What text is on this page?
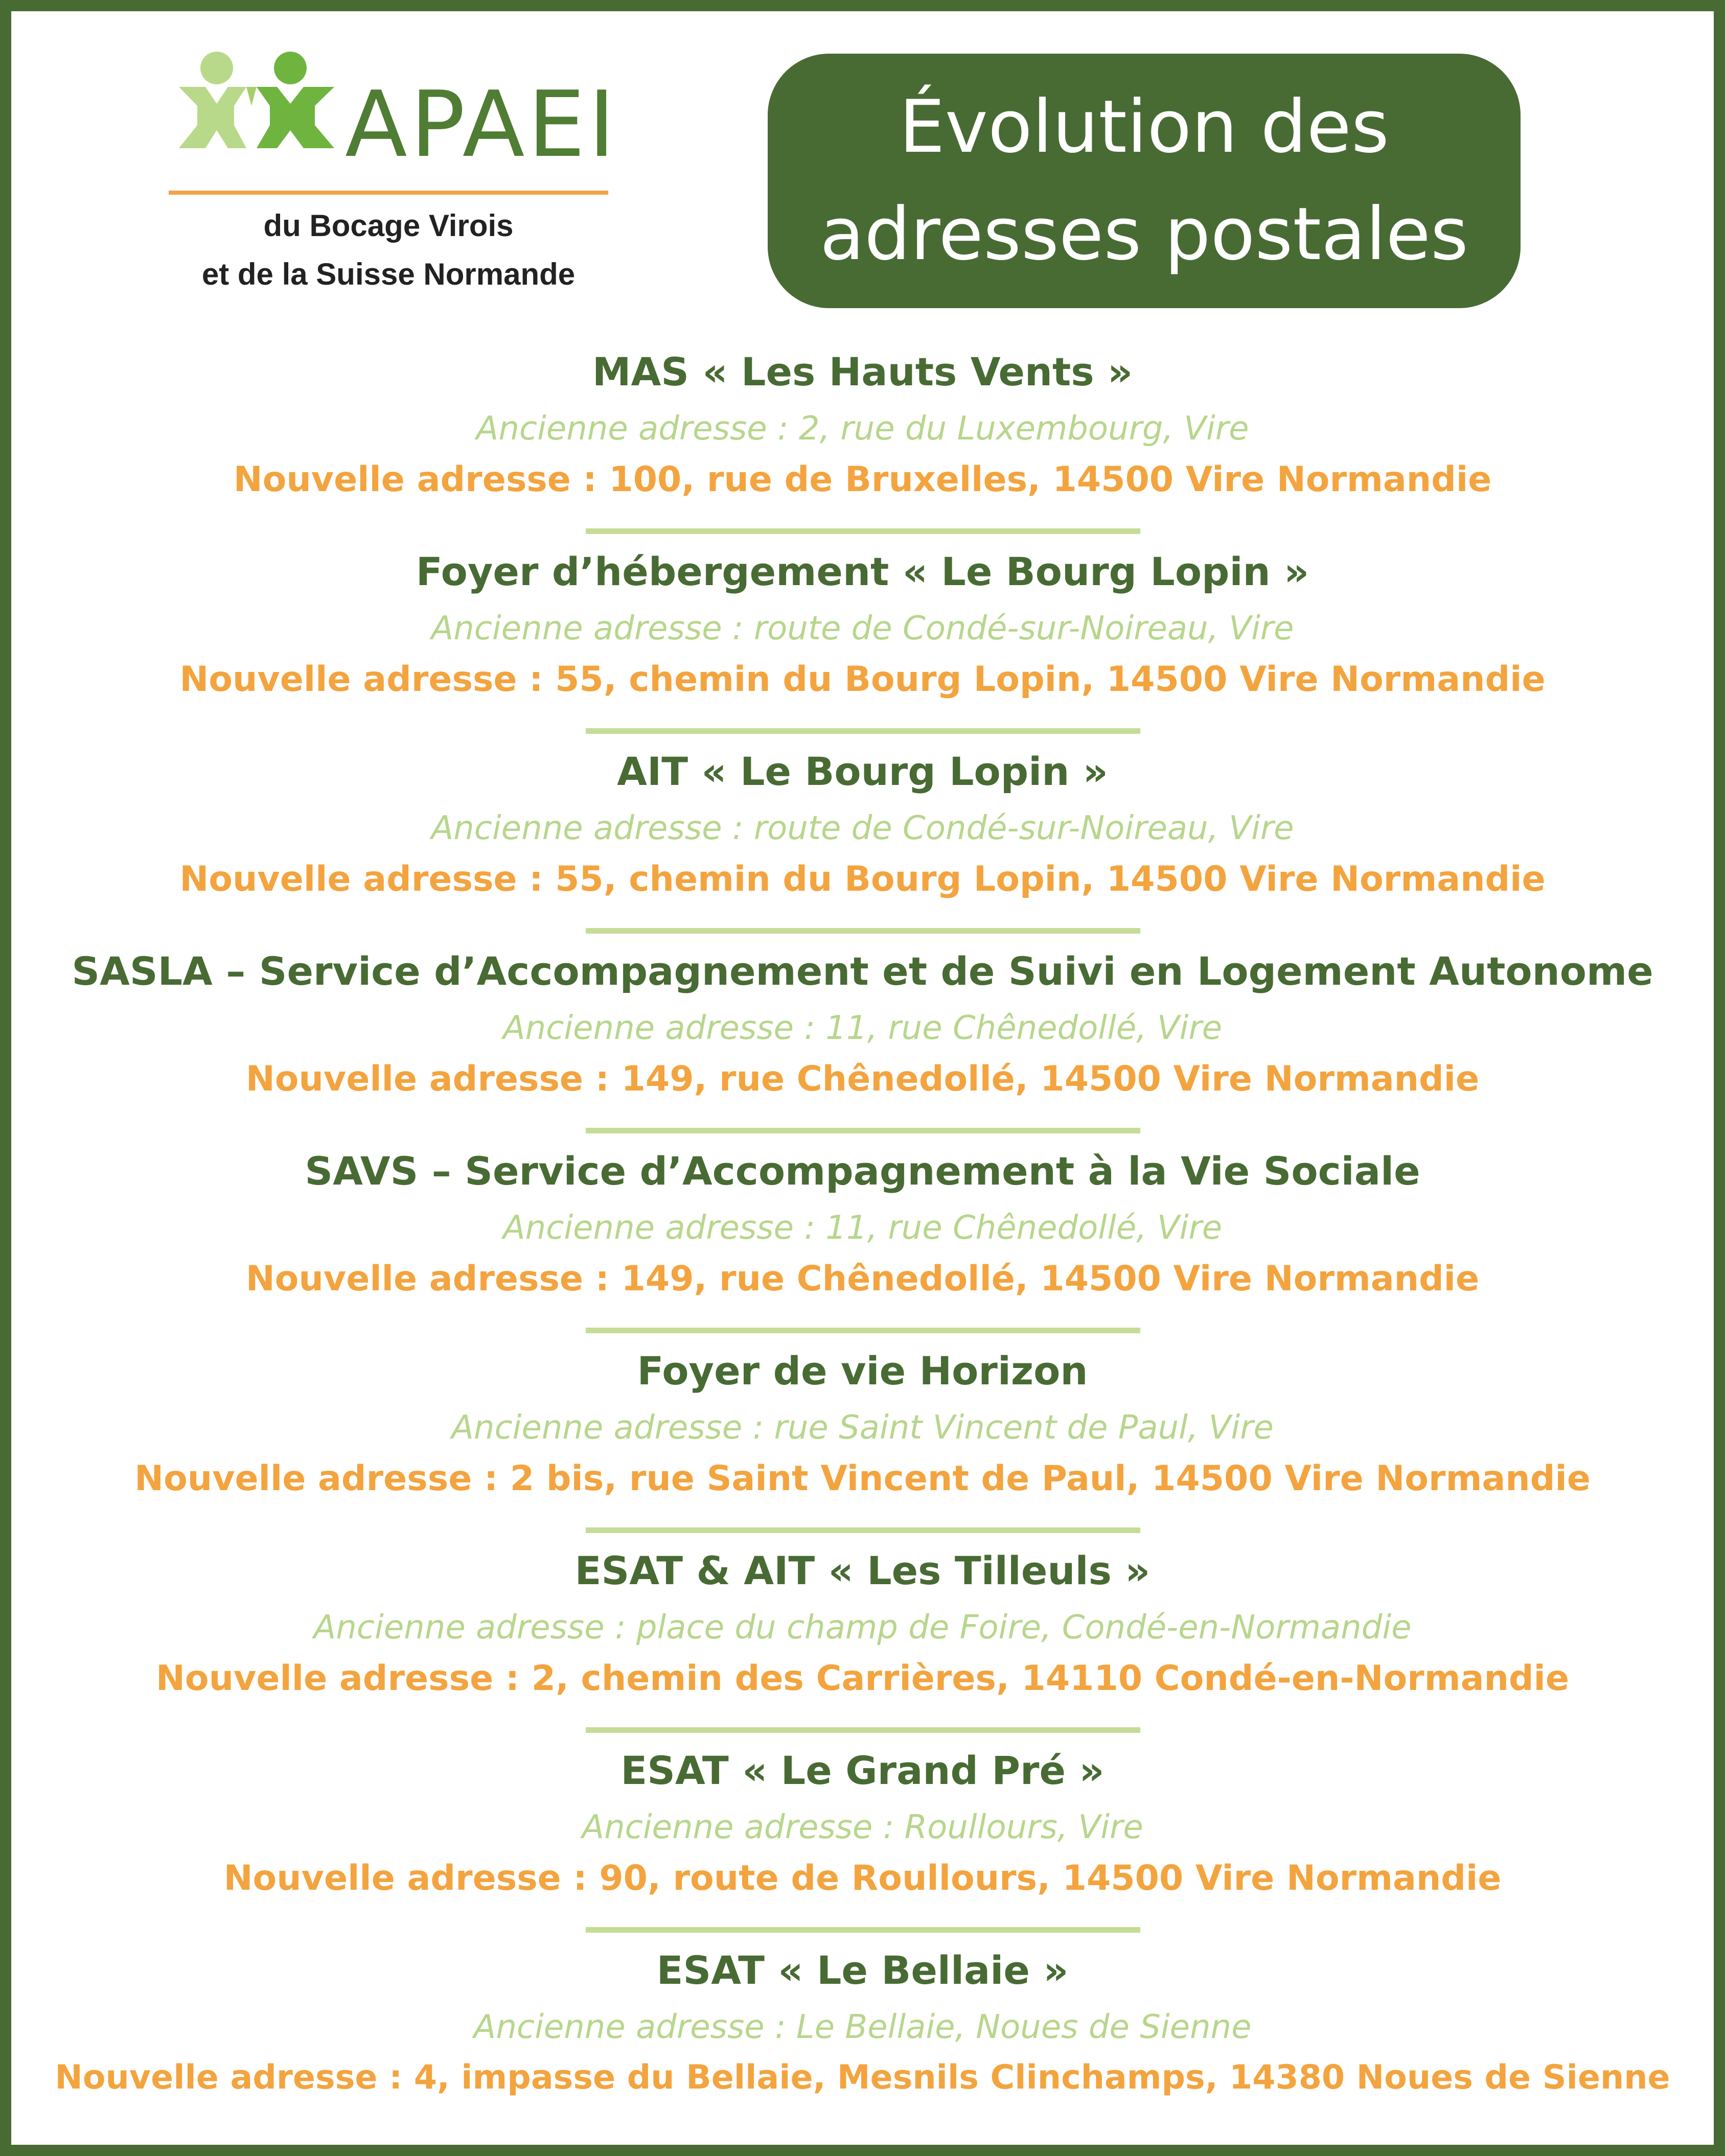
APAEI
du Bocage Virois
et de la Suisse Normande
Évolution des
adresses postales
MAS « Les Hauts Vents »
Ancienne adresse : 2, rue du Luxembourg, Vire
Nouvelle adresse : 100, rue de Bruxelles, 14500 Vire Normandie
Foyer d’hébergement « Le Bourg Lopin »
Ancienne adresse : route de Condé-sur-Noireau, Vire
Nouvelle adresse : 55, chemin du Bourg Lopin, 14500 Vire Normandie
AIT « Le Bourg Lopin »
Ancienne adresse : route de Condé-sur-Noireau, Vire
Nouvelle adresse : 55, chemin du Bourg Lopin, 14500 Vire Normandie
SASLA – Service d’Accompagnement et de Suivi en Logement Autonome
Ancienne adresse : 11, rue Chênedollé, Vire
Nouvelle adresse : 149, rue Chênedollé, 14500 Vire Normandie
SAVS – Service d’Accompagnement à la Vie Sociale
Ancienne adresse : 11, rue Chênedollé, Vire
Nouvelle adresse : 149, rue Chênedollé, 14500 Vire Normandie
Foyer de vie Horizon
Ancienne adresse : rue Saint Vincent de Paul, Vire
Nouvelle adresse : 2 bis, rue Saint Vincent de Paul, 14500 Vire Normandie
ESAT & AIT « Les Tilleuls »
Ancienne adresse : place du champ de Foire, Condé-en-Normandie
Nouvelle adresse : 2, chemin des Carrières, 14110 Condé-en-Normandie
ESAT « Le Grand Pré »
Ancienne adresse : Roullours, Vire
Nouvelle adresse : 90, route de Roullours, 14500 Vire Normandie
ESAT « Le Bellaie »
Ancienne adresse : Le Bellaie, Noues de Sienne
Nouvelle adresse : 4, impasse du Bellaie, Mesnils Clinchamps, 14380 Noues de Sienne
